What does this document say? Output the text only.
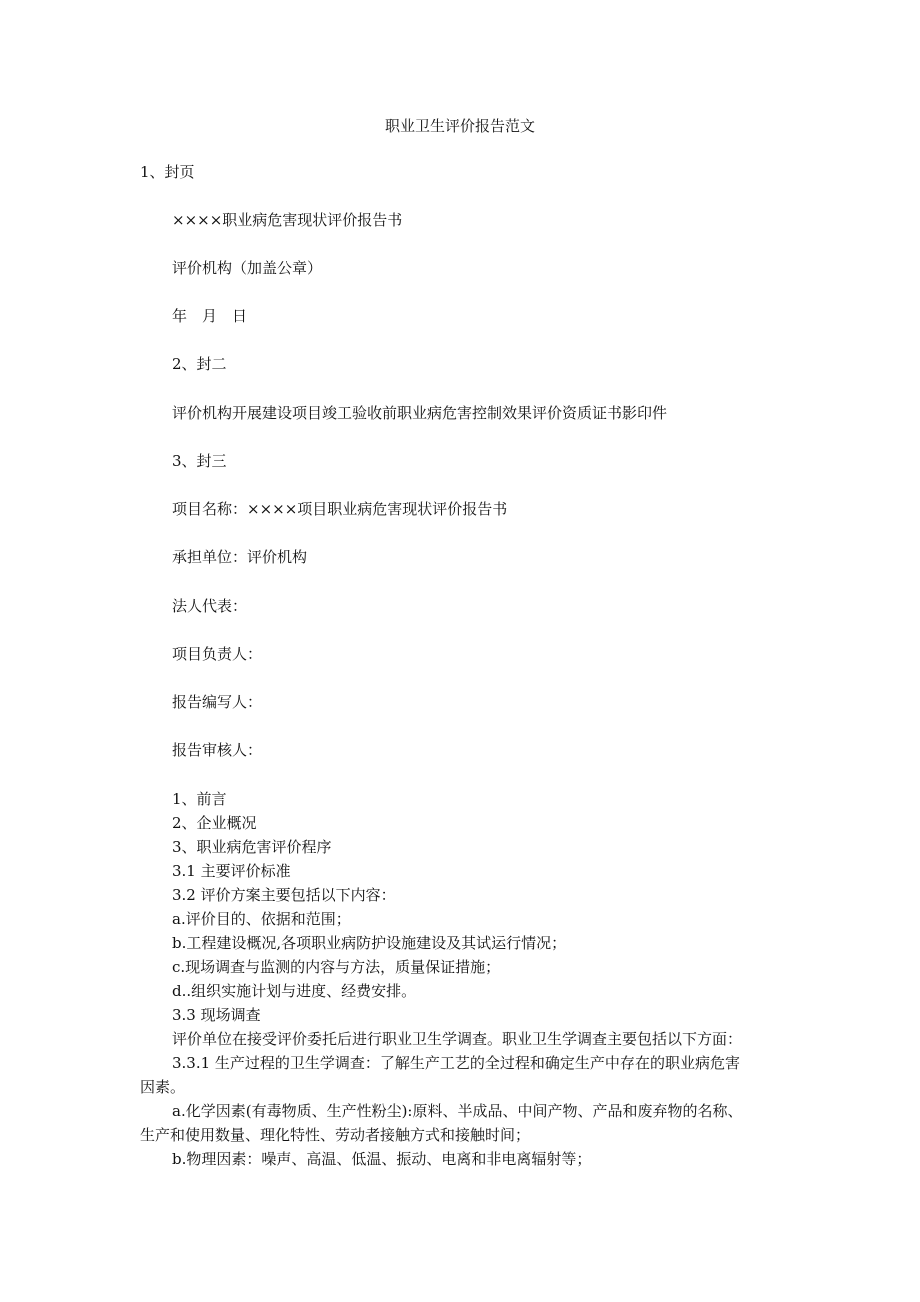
职业卫生评价报告范文
1、封页
××××职业病危害现状评价报告书
评价机构（加盖公章）
年　月　日
2、封二
评价机构开展建设项目竣工验收前职业病危害控制效果评价资质证书影印件
3、封三
项目名称：××××项目职业病危害现状评价报告书
承担单位：评价机构
法人代表：
项目负责人：
报告编写人：
报告审核人：
1、前言
2、企业概况
3、职业病危害评价程序
3.1 主要评价标准
3.2 评价方案主要包括以下内容：
a.评价目的、依据和范围；
b.工程建设概况,各项职业病防护设施建设及其试运行情况；
c.现场调查与监测的内容与方法，质量保证措施；
d..组织实施计划与进度、经费安排。
3.3 现场调查
评价单位在接受评价委托后进行职业卫生学调查。职业卫生学调查主要包括以下方面：
3.3.1 生产过程的卫生学调查：了解生产工艺的全过程和确定生产中存在的职业病危害
因素。
a.化学因素(有毒物质、生产性粉尘):原料、半成品、中间产物、产品和废弃物的名称、
生产和使用数量、理化特性、劳动者接触方式和接触时间；
b.物理因素：噪声、高温、低温、振动、电离和非电离辐射等；
